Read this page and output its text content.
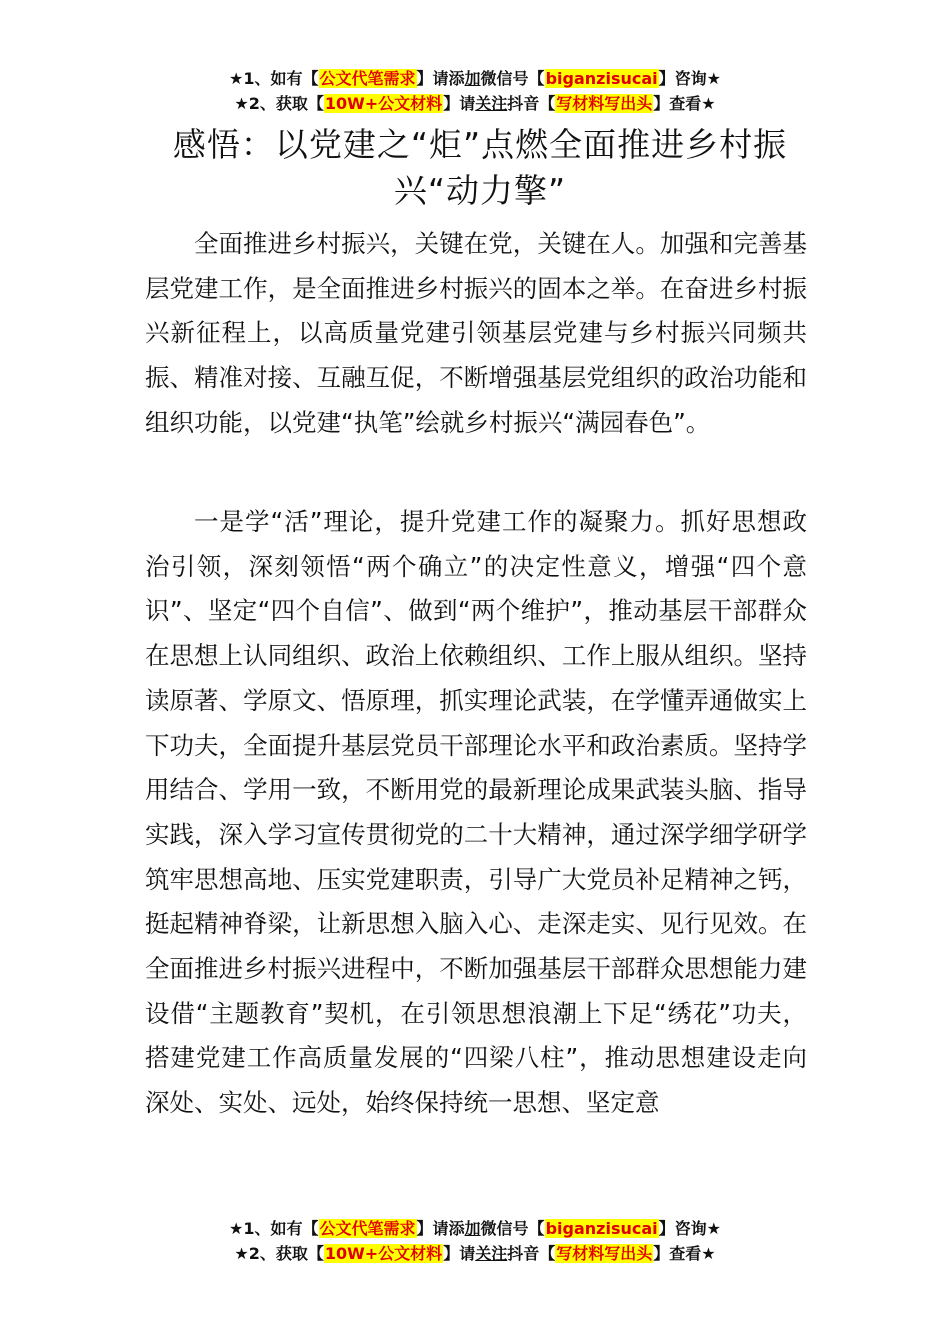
★1、如有【公文代笔需求】请添加微信号【biganzisucai】咨询★
★2、获取【10W+公文材料】请关注抖音【写材料写出头】查看★
感悟：以党建之“炬”点燃全面推进乡村振兴“动力擎”

全面推进乡村振兴，关键在党，关键在人。加强和完善基层党建工作，是全面推进乡村振兴的固本之举。在奋进乡村振兴新征程上，以高质量党建引领基层党建与乡村振兴同频共振、精准对接、互融互促，不断增强基层党组织的政治功能和组织功能，以党建“执笔”绘就乡村振兴“满园春色”。

一是学“活”理论，提升党建工作的凝聚力。抓好思想政治引领，深刻领悟“两个确立”的决定性意义，增强“四个意识”、坚定“四个自信”、做到“两个维护”，推动基层干部群众在思想上认同组织、政治上依赖组织、工作上服从组织。坚持读原著、学原文、悟原理，抓实理论武装，在学懂弄通做实上下功夫，全面提升基层党员干部理论水平和政治素质。坚持学用结合、学用一致，不断用党的最新理论成果武装头脑、指导实践，深入学习宣传贯彻党的二十大精神，通过深学细学研学筑牢思想高地、压实党建职责，引导广大党员补足精神之钙，挺起精神脊梁，让新思想入脑入心、走深走实、见行见效。在全面推进乡村振兴进程中，不断加强基层干部群众思想能力建设借“主题教育”契机，在引领思想浪潮上下足“绣花”功夫，搭建党建工作高质量发展的“四梁八柱”，推动思想建设走向深处、实处、远处，始终保持统一思想、坚定意

★1、如有【公文代笔需求】请添加微信号【biganzisucai】咨询★
★2、获取【10W+公文材料】请关注抖音【写材料写出头】查看★
